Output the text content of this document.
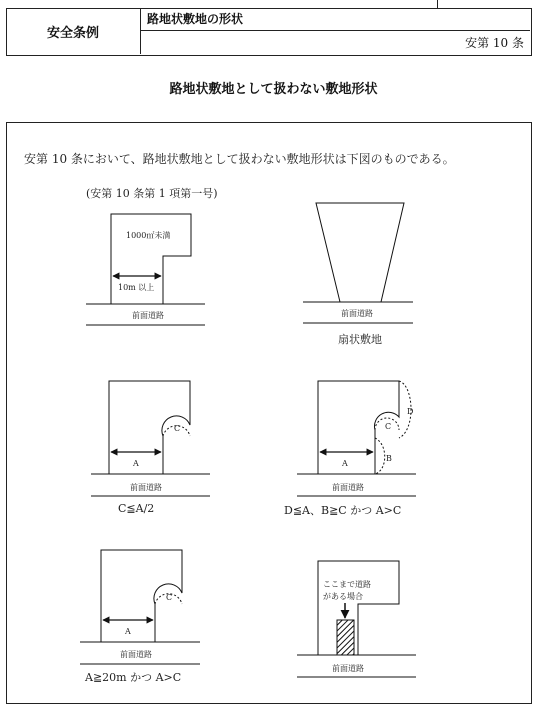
安全条例
路地状敷地の形状
安第 10 条
路地状敷地として扱わない敷地形状
安第 10 条において、路地状敷地として扱わない敷地形状は下図のものである。
(安第 10 条第 1 項第一号)
1000㎡未満
10m 以上
前面道路	前面道路
扇状敷地
C
A
前面道路
C≦A/2
D
C
B
A
前面道路
D≦A、B≧C かつ A>C
C
A
前面道路
A≧20m かつ A>C
ここまで道路
がある場合
前面道路
